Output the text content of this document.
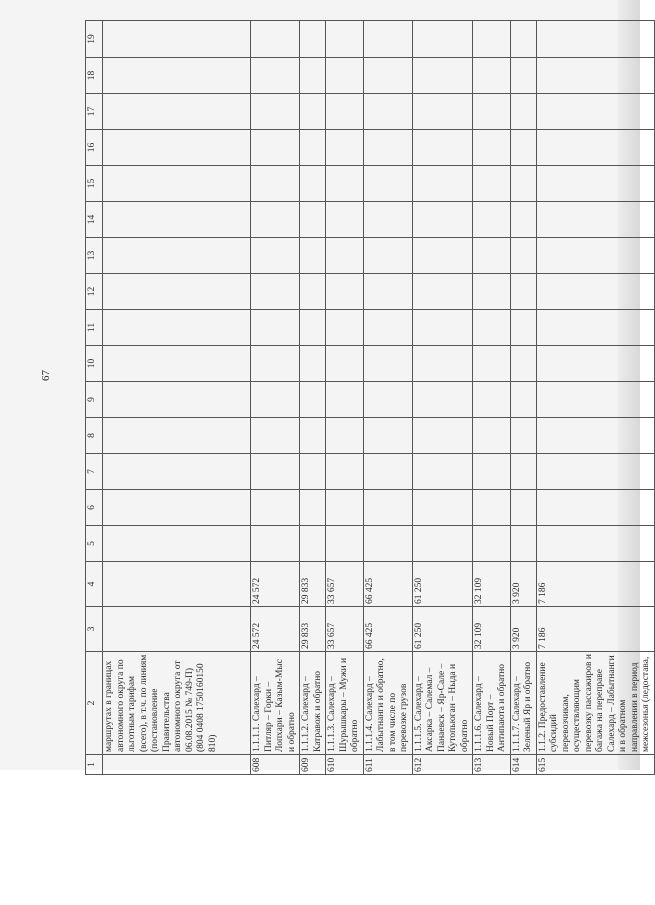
67
1	2	3	4	5	6	7	8	9	10	11	12	13	14	15	16	17	18	19
	маршрутах в границах автономного округа по льготным тарифам (всего), в т.ч. по линиям (постановление Правительства автономного округа от 06.08.2015 № 749-П) (804 0408 1750160150 810)																	
608	1.1.1.1. Салехард – Питляр – Горки – Лопхари – Казым-Мыс и обратно	24 572	24 572															
609	1.1.1.2. Салехард – Катравож и обратно	29 833	29 833															
610	1.1.1.3. Салехард – Шурышкары – Мужи и обратно	33 657	33 657															
611	1.1.1.4. Салехард – Лабытнанги и обратно, в том числе по перевозке грузов	66 425	66 425															
612	1.1.1.5. Салехард – Аксарка – Салемал – Панаевск – Яр-Сале – Кутопьюган – Ныда и обратно	61 250	61 250															
613	1.1.1.6. Салехард – Новый Порт – Антипаюта и обратно	32 109	32 109															
614	1.1.1.7. Салехард – Зеленый Яр и обратно	3 920	3 920															
615	1.1.2. Предоставление субсидий перевозчикам, осуществляющим перевозку пассажиров и багажа на переправе Салехард – Лабытнанги и в обратном направлении в период межсезонья (ледостава,	7 186	7 186															
